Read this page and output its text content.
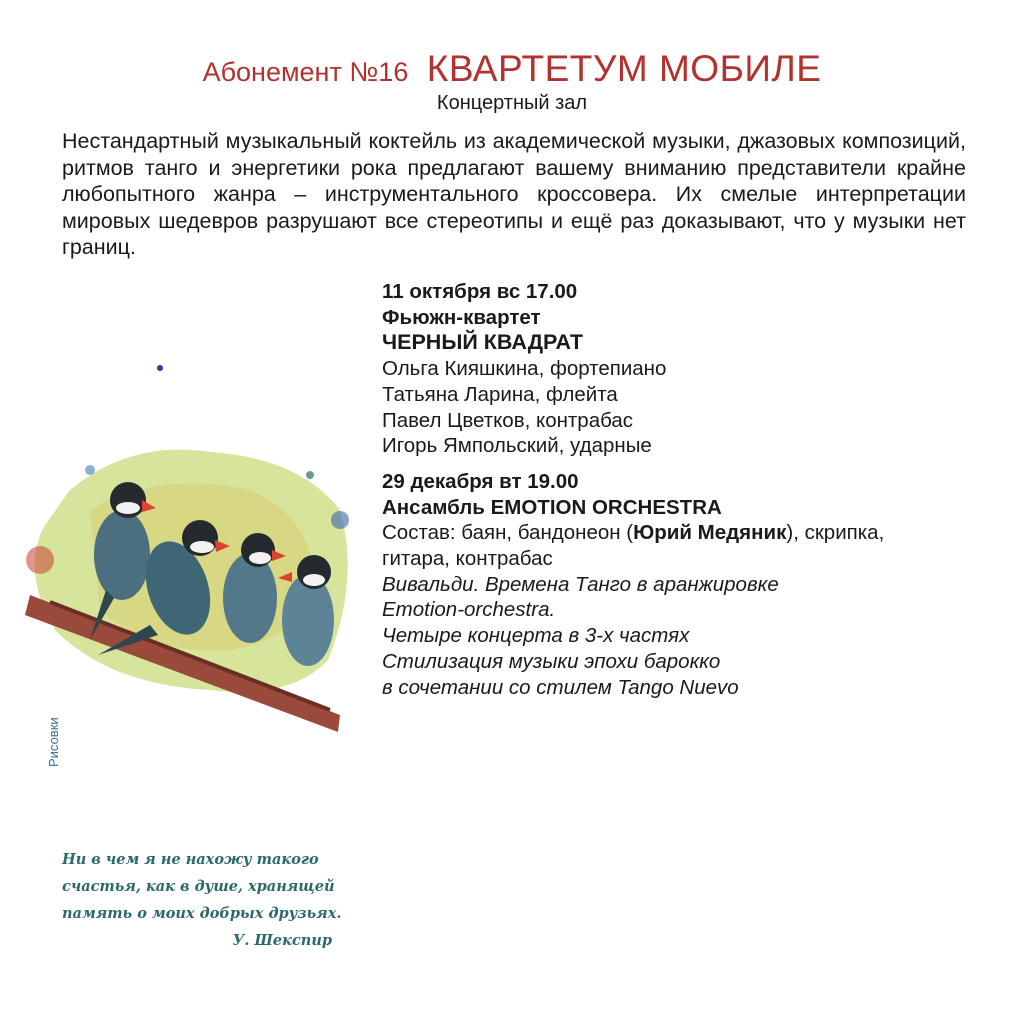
Абонемент №16 КВАРТЕТУМ МОБИЛЕ
Концертный зал

Нестандартный музыкальный коктейль из академической музыки, джазовых композиций, ритмов танго и энергетики рока предлагают вашему вниманию представители крайне любопытного жанра – инструментального кроссовера. Их смелые интерпретации мировых шедевров разрушают все стереотипы и ещё раз доказывают, что у музыки нет границ.

11 октября вс 17.00
Фьюжн-квартет
ЧЕРНЫЙ КВАДРАТ
Ольга Кияшкина, фортепиано
Татьяна Ларина, флейта
Павел Цветков, контрабас
Игорь Ямпольский, ударные
29 декабря вт 19.00
Ансамбль EMOTION ORCHESTRA
Состав: баян, бандонеон (Юрий Медяник), скрипка,
гитара, контрабас
Вивальди. Времена Танго в аранжировке
Emotion-orchestra.
Четыре концерта в 3-х частях
Стилизация музыки эпохи барокко
в сочетании со стилем Tango Nuevo
Рисовки
Ни в чем я не нахожу такого
счастья, как в душе, хранящей
память о моих добрых друзьях.
У. Шекспир
